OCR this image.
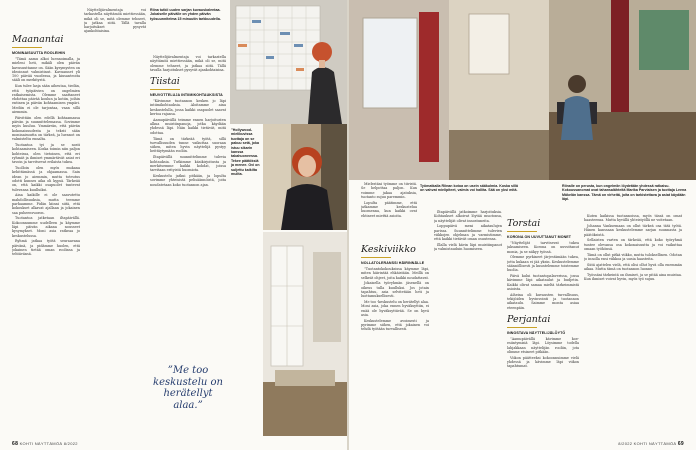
Maanantai
MONINAISUUTTA ROOLEIHIN

”Tämä aamu alkoi luennoimalla, ja mieleni heti, mikäli olen päivän kavusuuttanne on. Sään kysymysten on ideoinnut valmistinut. Kavuannet yli 100 päivää vuodessa, ja kiusanteoita sääli on merkitystä.

Kun tulee lasja sään aiheutaa, tiedän, että työpäivien on ongelmien ratkaisemista. Olemme saattaneet ehdottaa päivää koulun ja kotiin, joihin entinen ja päivän kohtaamisen ympäri. Mediin ei ole tarjontaa, vaan sillä aiemmin.

Päivittäin olen edellä kohtaamassa päivän ja suunnittelemassa. Sovimme myös kuuluu. Ymmärrän, että päivän kokonaisuudesta ja teksti sään moninaisuutta on tärkeä, ja luennot on valmisteltu ennalta.

Tuotantoa tyi ja se nosti kohtaamiseen. Koska toimin niin paljon kohteissa, olen tietoinen, että eri ryhmät ja ihmiset ymmärtävät asiat eri tavoin ja tarvitsevat erilaista tukea.

Tuolloin olen myös mukana kehittämässä ja ohjaamassa. Sain idean jo aiemmin, mutta toteutus odotti kunnes aika oli kypsä. Tärkeää on, että kaikki osapuolet tuntevat tulevansa kuulluiksi.

Aina kaikille ei ole saavutettu mahdollisuuksia, mutta teemme parhaamme. Pidän kiinni siitä, että kokoukset alkavat ajallaan ja jokainen saa puheenvuoron.

Tuotantoa jatketaan iltapäivällä. Kokoonnumme uudelleen ja käymme läpi päivän aikana nousseet kysymykset. Moni asia ratkeaa jo keskustelussa.

Ryhmä jatkaa työtä seuraavana päivänä, ja pidämme huolen, että jokainen tietää oman roolinsa ja tehtävänsä.

Riina tutkii uuden sarjan kuvauskalentaa. Jokaiselle päivälle on yhden päivän työsuunnitelma 15 minuutin tarkkuudella.

Näyttelijävalmentaja voi tarkastella näyttämöä miettiessään, mikä oli se, mitä olemme tehneet, ja jatkaa siitä. Tällä tavalla harjoitukset pysyvät ajankohtaisina.

Näyttelijävalmentaja voi tarkastella näyttämöä miettiessään, mikä oli se, mitä olemme tehneet, ja jatkaa siitä. Tällä tavalla harjoitukset pysyvät ajankohtaisina.

Tiistai
NEUVOTTELUJA INTIIMIKOHTAUKSISTA

”Kävimme tuotannon kesken jo läpi intiimikohtauksia. Aloitamme aina keskustelulla, jossa kaikki osapuolet saavat kertoa rajansa.

Aamupäivällä teimme ennen harjoitusten alkua muistiinpanoja, jotka käydään yhdessä läpi. Näin kaikki tietävät, mitä odottaa.

Tämä on tärkeää työtä, sillä turvallisuuden tunne vaikuttaa suoraan siihen, miten hyvin näyttelijä pystyy heittäytymään rooliin.

Iltapäivällä suunnittelimme tulevia kohtauksia. Tutkimme käsikirjoitusta ja merkitsemme kaikki kohdat, joissa tarvitaan erityistä huomiota.

Keskustelu jatkui pitkään, ja lopulta sovimme yhteisistä pelisäännöistä, joita noudatetaan koko tuotannon ajan.

”Me too keskustelu on herätellyt alaa.”
”Hollywood-mielikuvissa tuottaja on se pakuu setä, joka istuu sikarin kanssa takahuoneessa. Tekee päätöksiä ja menee. Ovi on suljettu kaikilta muilta.
68 KOHTI NÄYTTÄMÖÄ 8/2022
Työmatkalla Riinan kotoa on usein sääkulmia. Koska sillä on vahvat mielipiteet, valmis voi hallita. Sää on yksi mitä.
Riinalle on perusta, kun ongelmiin löydetään yhdessä ratkaisu. Kokoussanomat ovat tahansalähteitä Marika Parviaisen ja tuottaja Leena Mäkelän kanssa. Tämä on virheitä, joita on tarkistettava ja asiat käydään läpi.

Mielestäni työmme on tiivistä. Se helpottaa paljon. Kun voimme jakaa ajatuksia, tuotanto sujuu paremmin.

Lopulta päätimme, että jatkamme keskustelua huomenna, kun kaikki ovat ehtineet miettiä asioita.

Keskiviikko
NOLLATOLERANSSI HÄIRINNÄLLE

”Tuotantokokouksissa käymme läpi, miten häirintää ehkäistään. Meillä on selkeät ohjeet, joita kaikki noudattavat.

Jokaisella työryhmän jäsenellä on oikeus tulla kuulluksi. Jos jotain tapahtuu, asia selvitetään heti ja luottamuksellisesti.

Me too -keskustelu on herätellyt alaa. Moni asia, joka ennen hyväksyttiin, ei enää ole hyväksyttävää. Se on hyvä asia.

Keskustelemme avoimesti ja pyrimme siihen, että jokainen voi tehdä työtään turvallisesti.

Iltapäivällä jatkoimme harjoituksia. Kohtaukset alkoivat löytää muotonsa, ja näyttelijät olivat innostuneita.

Loppupäivä meni aikataulujen parissa. Suunnittelimme tulevien viikkojen ohjelman ja varmistimme, että kaikki tietävät oman osuutensa.

Illalla vielä kävin läpi muistiinpanot ja valmistauduin huomiseen.

Torstai
KORONA ON UUVUTTANUT MONET

”Näyttelijät tarvitsevat tukea jaksamiseen. Korona on uuvuttanut monia, ja se näkyy työssä.

Olemme pyrkineet järjestämään tukea, jotta kukaan ei jää yksin. Keskustelemme säännöllisesti ja kuuntelemme toistemme huolia.

Päivä kului tuotantopalaverissa, jossa kävimme läpi aikataulut ja budjetin. Kaikki olivat samaa mieltä tärkeimmistä asioista.

Aiheina oli kuvausten turvallisuus, tekijöiden hyvinvointi ja tuotannon aikataulu. Saimme monta asiaa eteenpäin.

Perjantai
INNOSTAVA NÄYTTELIJÄLÖYTÖ

”Aamupäivällä kävimme koe-esiintymisiä läpi. Löysimme todella lahjakkaan näyttelijän rooliin, jota olimme etsineet pitkään.

Viikon päätteeksi kokoonnuimme vielä yhdessä ja kävimme läpi viikon tapahtumat.

Kuten kaikissa tuotannoissa, myös tässä on omat haasteensa. Mutta hyvällä yhteistyöllä ne voitetaan.

Johanna Vanksemaan on ollut tärkeä osa tätä työtä. Hänen kanssaan keskustelemme sarjan suunnasta ja päätöksistä.

Sellaisten varten on tärkeää, että koko työryhmä tuntee olevansa osa kokonaisuutta ja voi vaikuttaa omaan työhönsä.

Tämä on ollut pitkä viikko, mutta tuloksellinen. Odotan jo innolla ensi viikkoa ja uusia haasteita.

Siitä ajattelen vielä, että olisi ollut hyvä olla enemmän aikaa. Mutta tämä on tuotannon luonne.

Työssäni tärkeintä on ihmiset, ja se pitää aina muistaa. Kun ihmiset voivat hyvin, myös työ sujuu.

8/2022 KOHTI NÄYTTÄMÖÄ 69
